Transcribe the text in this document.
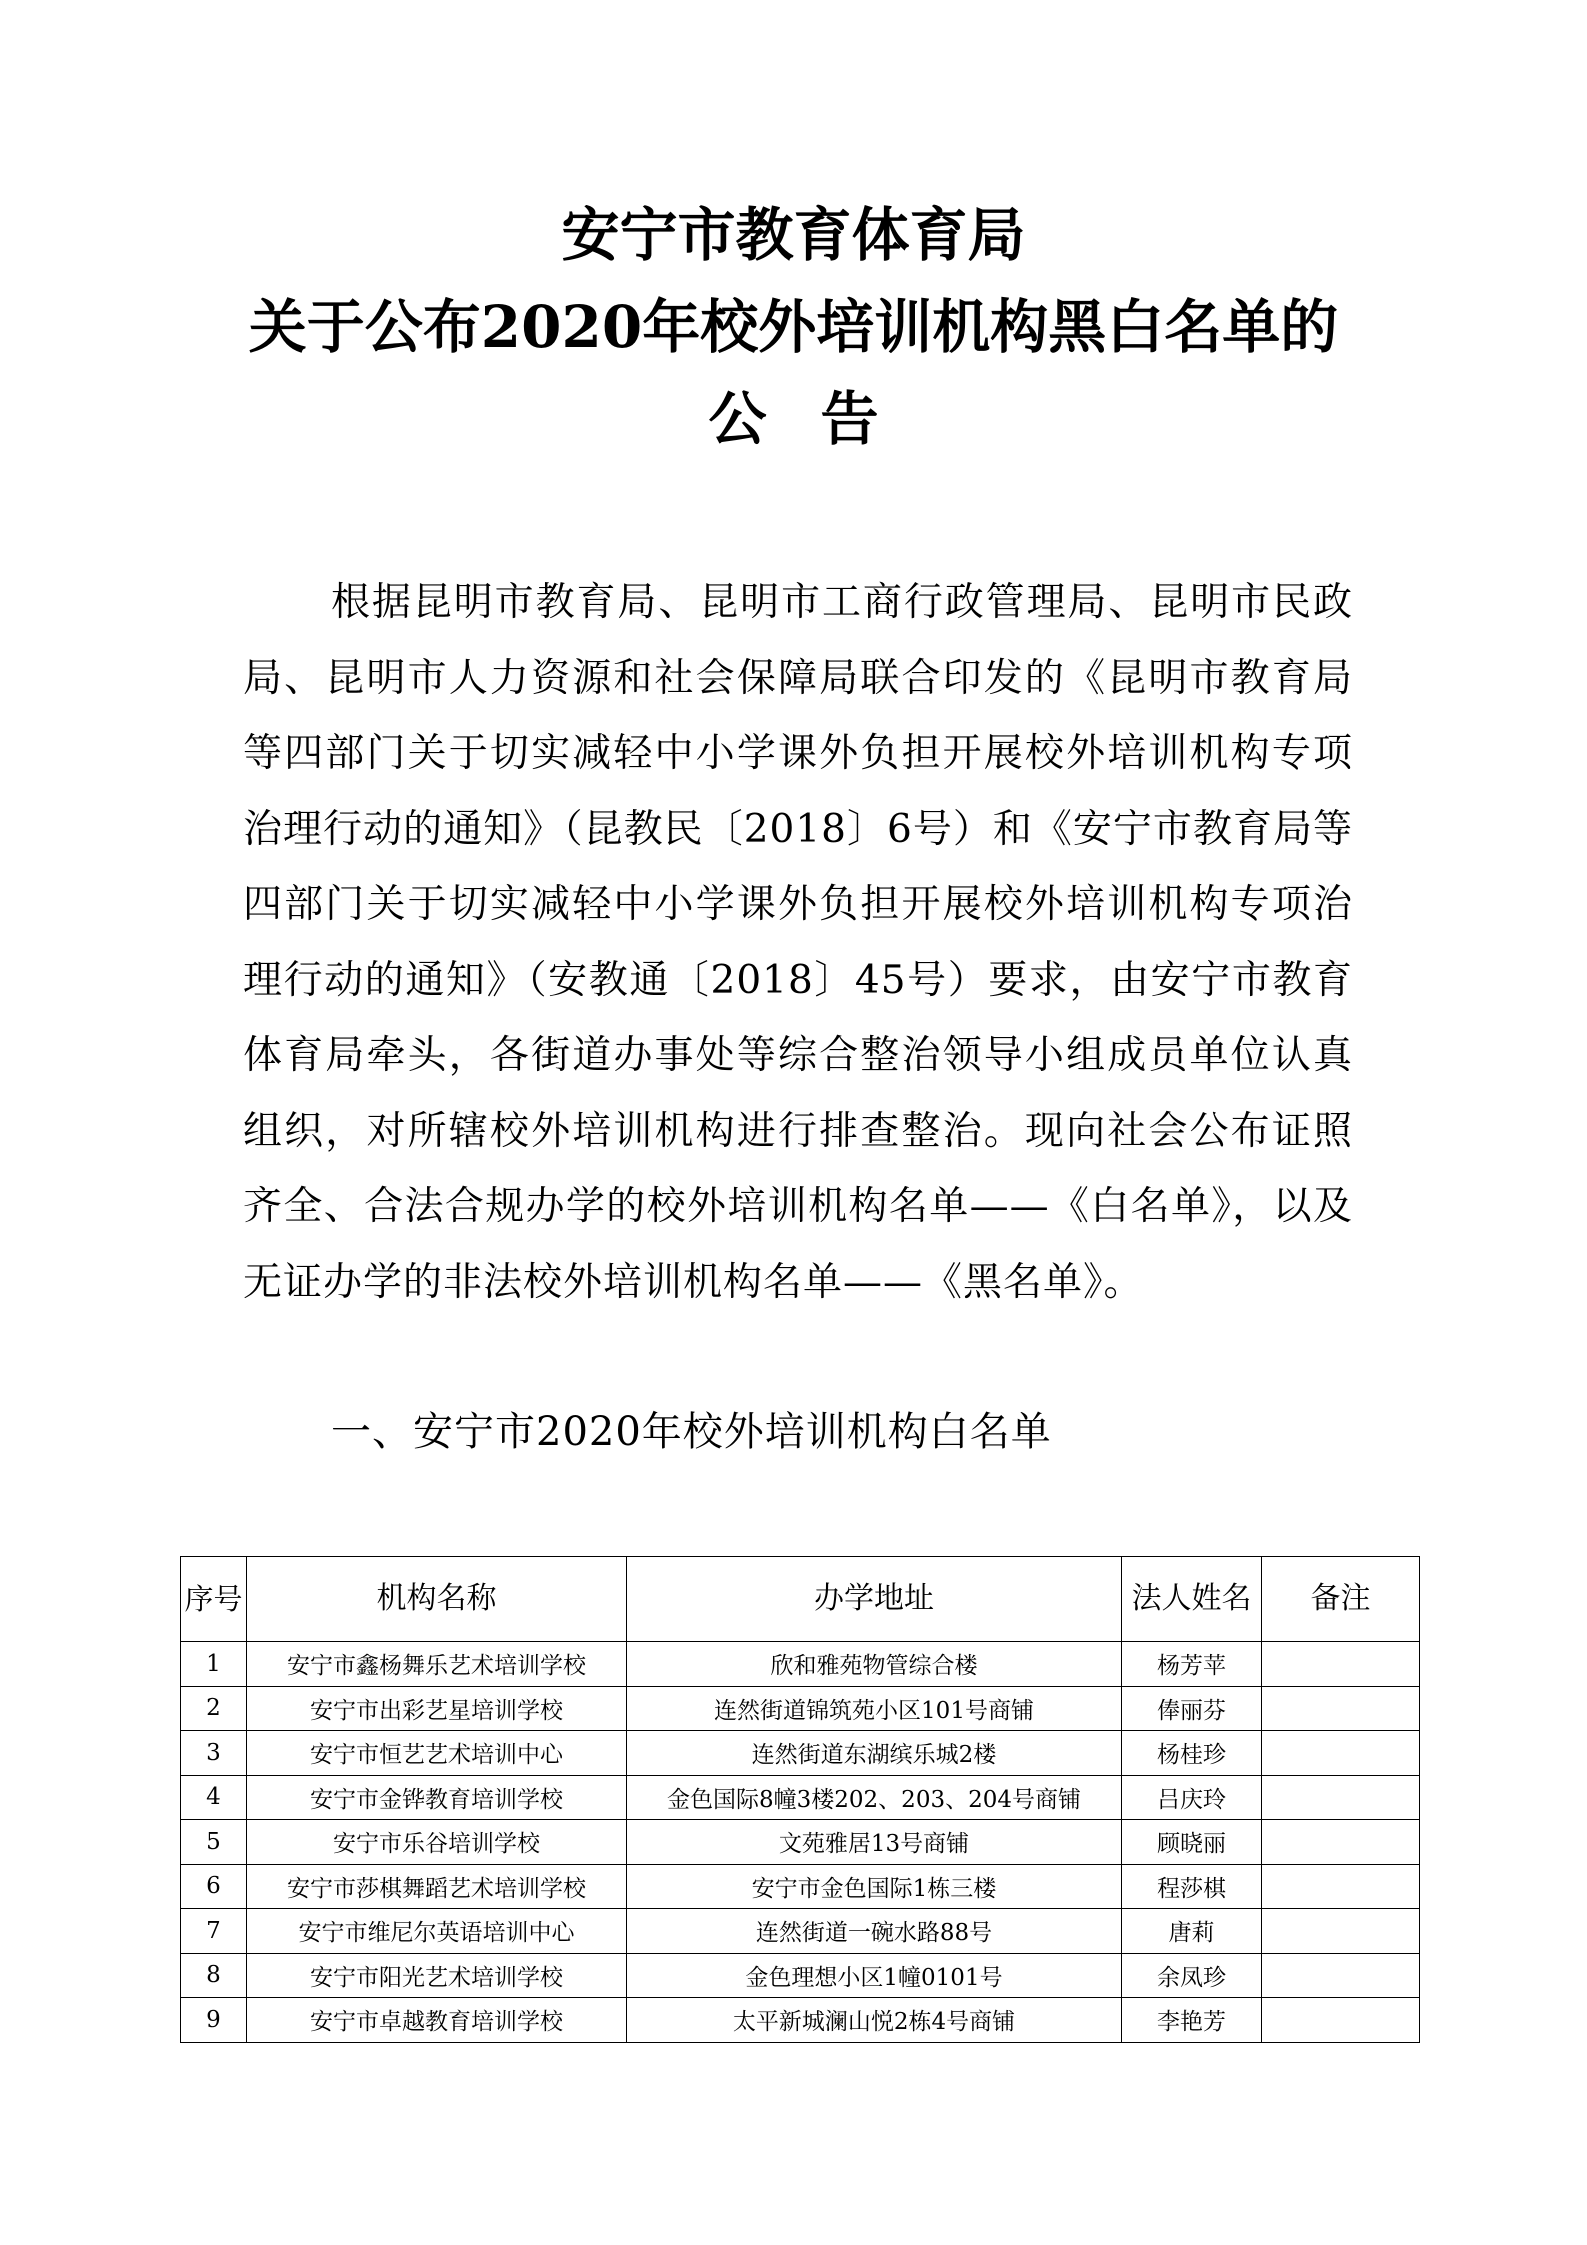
安宁市教育体育局
关于公布2020年校外培训机构黑白名单的
公告

根据昆明市教育局、昆明市工商行政管理局、昆明市民政局、昆明市人力资源和社会保障局联合印发的《昆明市教育局等四部门关于切实减轻中小学课外负担开展校外培训机构专项治理行动的通知》（昆教民〔2018〕6号）和《安宁市教育局等四部门关于切实减轻中小学课外负担开展校外培训机构专项治理行动的通知》（安教通〔2018〕45号）要求，由安宁市教育体育局牵头，各街道办事处等综合整治领导小组成员单位认真组织，对所辖校外培训机构进行排查整治。现向社会公布证照齐全、合法合规办学的校外培训机构名单——《白名单》，以及无证办学的非法校外培训机构名单——《黑名单》。

一、安宁市2020年校外培训机构白名单

序号	机构名称	办学地址	法人姓名	备注
1	安宁市鑫杨舞乐艺术培训学校	欣和雅苑物管综合楼	杨芳苹	
2	安宁市出彩艺星培训学校	连然街道锦筑苑小区101号商铺	俸丽芬	
3	安宁市恒艺艺术培训中心	连然街道东湖缤乐城2楼	杨桂珍	
4	安宁市金铧教育培训学校	金色国际8幢3楼202、203、204号商铺	吕庆玲	
5	安宁市乐谷培训学校	文苑雅居13号商铺	顾晓丽	
6	安宁市莎棋舞蹈艺术培训学校	安宁市金色国际1栋三楼	程莎棋	
7	安宁市维尼尔英语培训中心	连然街道一碗水路88号	唐莉	
8	安宁市阳光艺术培训学校	金色理想小区1幢0101号	余凤珍	
9	安宁市卓越教育培训学校	太平新城澜山悦2栋4号商铺	李艳芳	
